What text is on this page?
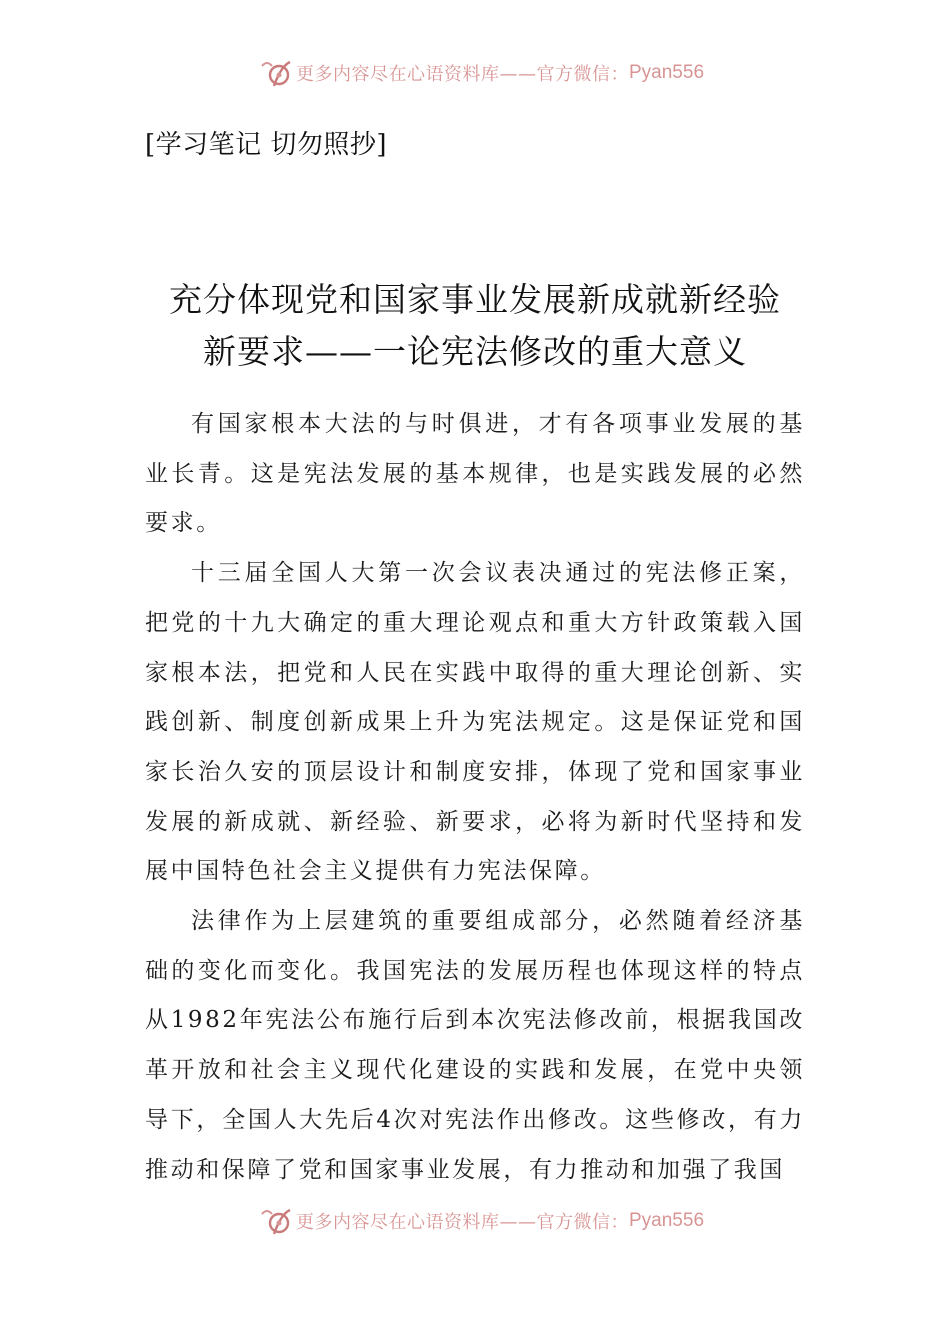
更多内容尽在心语资料库——官方微信： Pyan556
[学习笔记 切勿照抄]
充分体现党和国家事业发展新成就新经验
新要求——一论宪法修改的重大意义

有国家根本大法的与时俱进，才有各项事业发展的基业长青。这是宪法发展的基本规律，也是实践发展的必然要求。

十三届全国人大第一次会议表决通过的宪法修正案，把党的十九大确定的重大理论观点和重大方针政策载入国家根本法，把党和人民在实践中取得的重大理论创新、实践创新、制度创新成果上升为宪法规定。这是保证党和国家长治久安的顶层设计和制度安排，体现了党和国家事业发展的新成就、新经验、新要求，必将为新时代坚持和发展中国特色社会主义提供有力宪法保障。

法律作为上层建筑的重要组成部分，必然随着经济基础的变化而变化。我国宪法的发展历程也体现这样的特点从1982年宪法公布施行后到本次宪法修改前，根据我国改革开放和社会主义现代化建设的实践和发展，在党中央领导下，全国人大先后4次对宪法作出修改。这些修改，有力推动和保障了党和国家事业发展，有力推动和加强了我国

更多内容尽在心语资料库——官方微信： Pyan556
